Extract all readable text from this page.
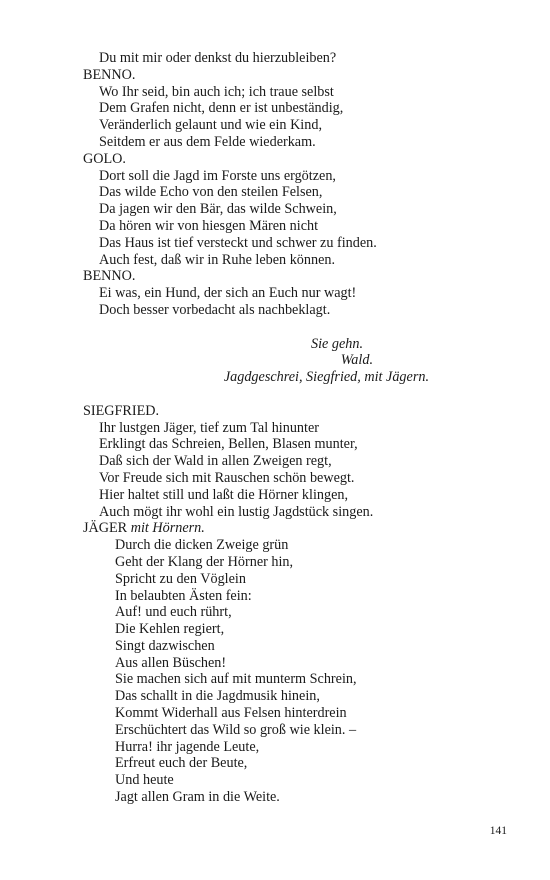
Du mit mir oder denkst du hierzubleiben?
BENNO.
Wo Ihr seid, bin auch ich; ich traue selbst
Dem Grafen nicht, denn er ist unbeständig,
Veränderlich gelaunt und wie ein Kind,
Seitdem er aus dem Felde wiederkam.
GOLO.
Dort soll die Jagd im Forste uns ergötzen,
Das wilde Echo von den steilen Felsen,
Da jagen wir den Bär, das wilde Schwein,
Da hören wir von hiesgen Mären nicht
Das Haus ist tief versteckt und schwer zu finden.
Auch fest, daß wir in Ruhe leben können.
BENNO.
Ei was, ein Hund, der sich an Euch nur wagt!
Doch besser vorbedacht als nachbeklagt.
Sie gehn.
Wald.
Jagdgeschrei, Siegfried, mit Jägern.
SIEGFRIED.
Ihr lustgen Jäger, tief zum Tal hinunter
Erklingt das Schreien, Bellen, Blasen munter,
Daß sich der Wald in allen Zweigen regt,
Vor Freude sich mit Rauschen schön bewegt.
Hier haltet still und laßt die Hörner klingen,
Auch mögt ihr wohl ein lustig Jagdstück singen.
JÄGER mit Hörnern.
Durch die dicken Zweige grün
Geht der Klang der Hörner hin,
Spricht zu den Vöglein
In belaubten Ästen fein:
Auf! und euch rührt,
Die Kehlen regiert,
Singt dazwischen
Aus allen Büschen!
Sie machen sich auf mit munterm Schrein,
Das schallt in die Jagdmusik hinein,
Kommt Widerhall aus Felsen hinterdrein
Erschüchtert das Wild so groß wie klein. –
Hurra! ihr jagende Leute,
Erfreut euch der Beute,
Und heute
Jagt allen Gram in die Weite.
141
